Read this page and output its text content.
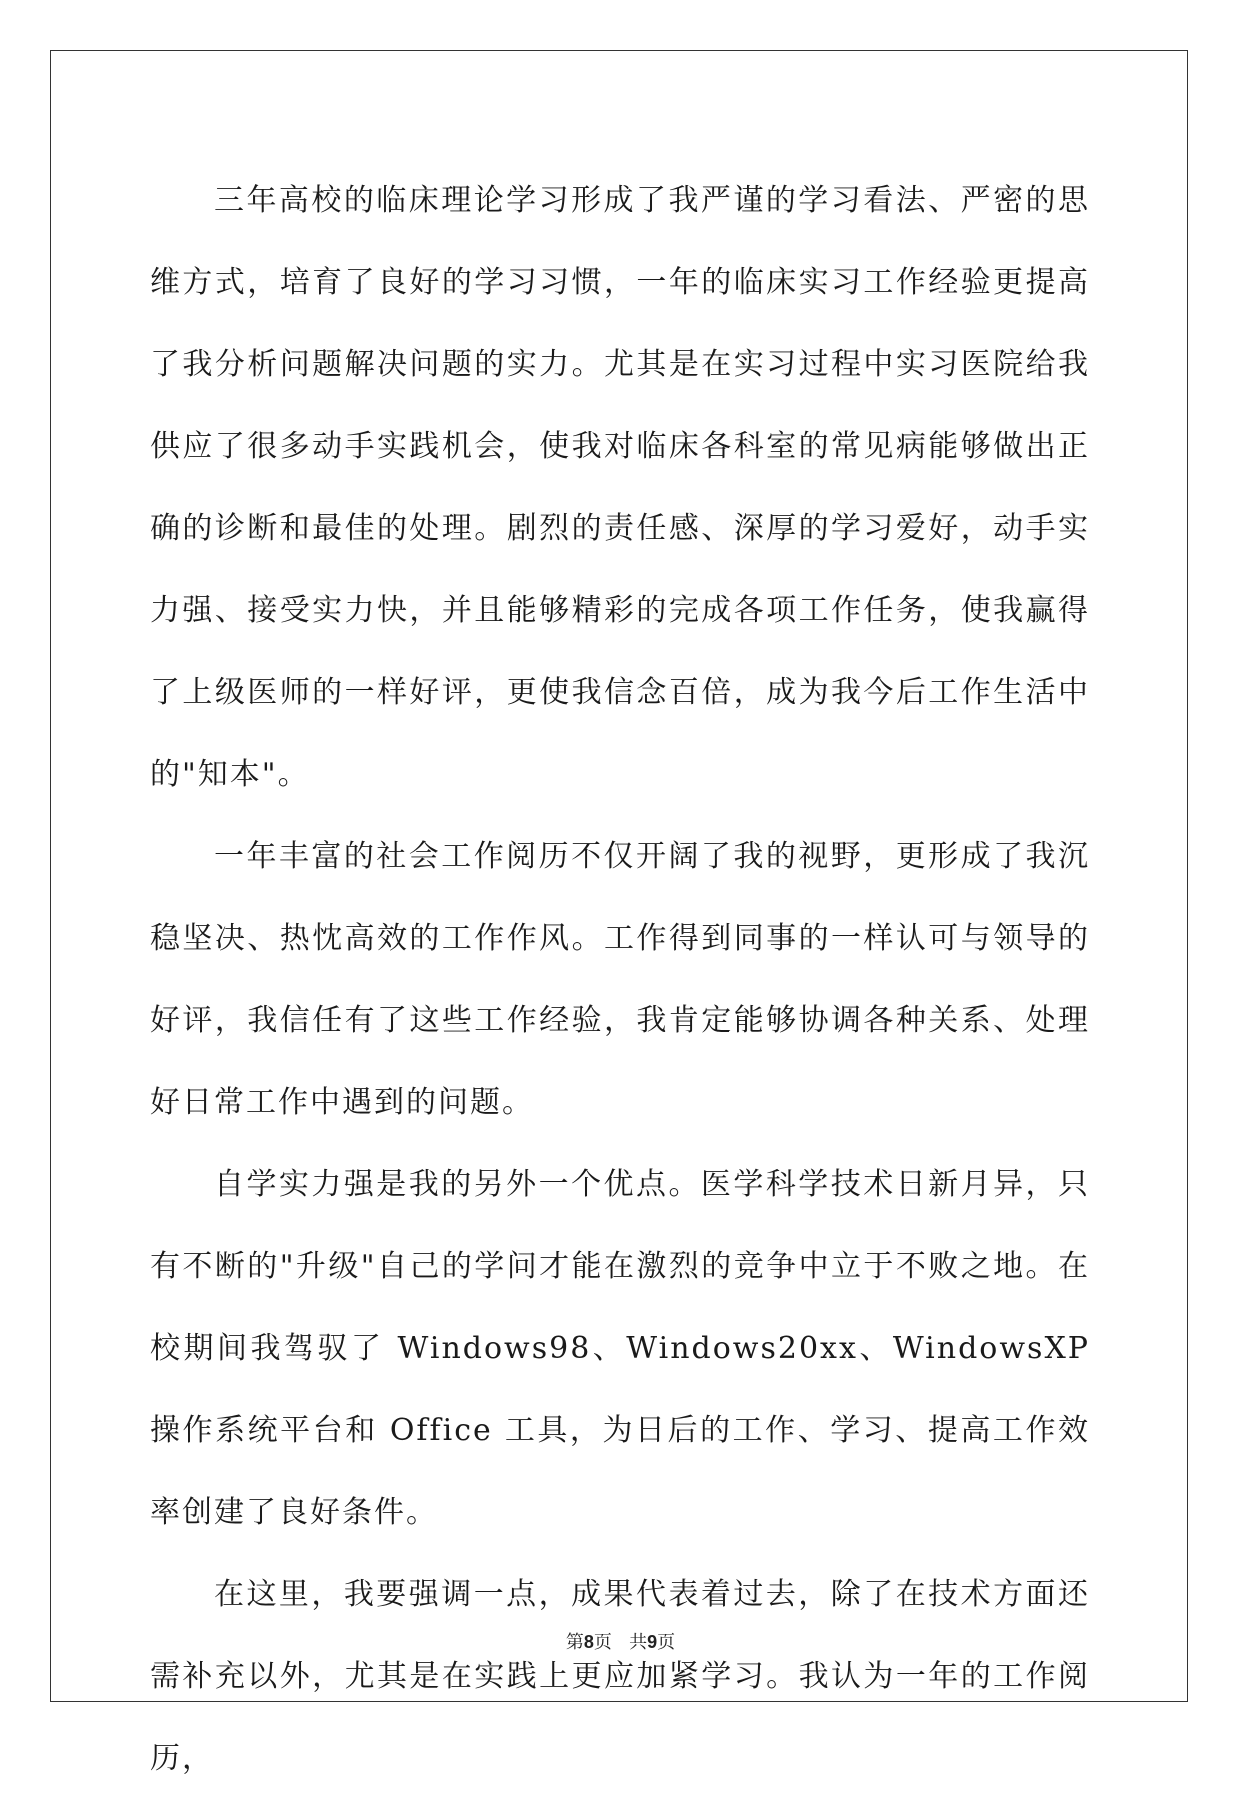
三年高校的临床理论学习形成了我严谨的学习看法、严密的思维方式，培育了良好的学习习惯，一年的临床实习工作经验更提高了我分析问题解决问题的实力。尤其是在实习过程中实习医院给我供应了很多动手实践机会，使我对临床各科室的常见病能够做出正确的诊断和最佳的处理。剧烈的责任感、深厚的学习爱好，动手实力强、接受实力快，并且能够精彩的完成各项工作任务，使我赢得了上级医师的一样好评，更使我信念百倍，成为我今后工作生活中的"知本"。

一年丰富的社会工作阅历不仅开阔了我的视野，更形成了我沉稳坚决、热忱高效的工作作风。工作得到同事的一样认可与领导的好评，我信任有了这些工作经验，我肯定能够协调各种关系、处理好日常工作中遇到的问题。

自学实力强是我的另外一个优点。医学科学技术日新月异，只有不断的"升级"自己的学问才能在激烈的竞争中立于不败之地。在校期间我驾驭了 Windows98、Windows20xx、WindowsXP 操作系统平台和 Office 工具，为日后的工作、学习、提高工作效率创建了良好条件。

在这里，我要强调一点，成果代表着过去，除了在技术方面还需补充以外，尤其是在实践上更应加紧学习。我认为一年的工作阅历，

第8页   共9页
